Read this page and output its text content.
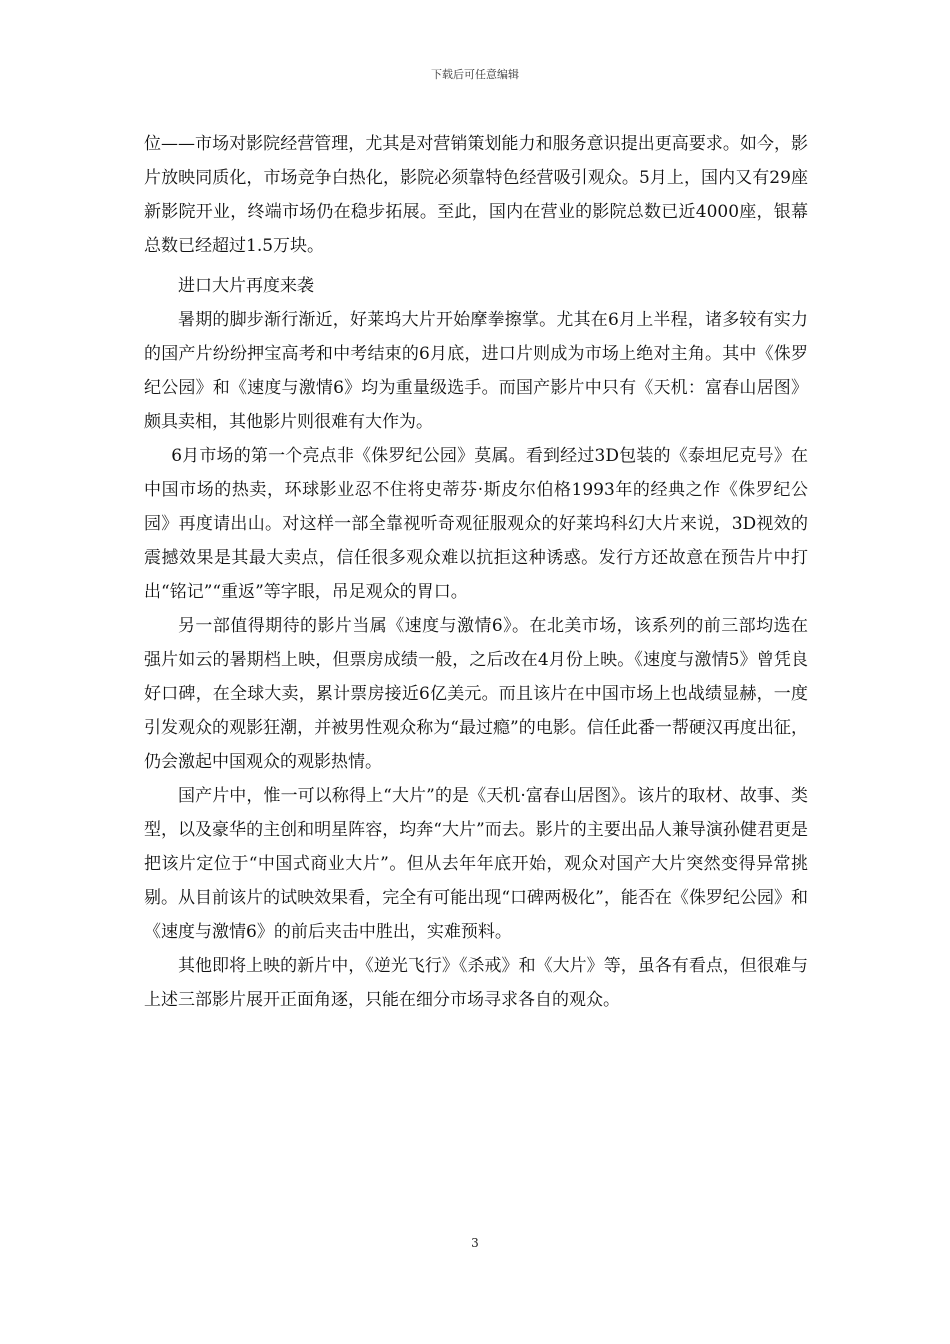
下载后可任意编辑

位——市场对影院经营管理，尤其是对营销策划能力和服务意识提出更高要求。如今，影片放映同质化，市场竞争白热化，影院必须靠特色经营吸引观众。5月上，国内又有29座新影院开业，终端市场仍在稳步拓展。至此，国内在营业的影院总数已近4000座，银幕总数已经超过1.5万块。

进口大片再度来袭

暑期的脚步渐行渐近，好莱坞大片开始摩拳擦掌。尤其在6月上半程，诸多较有实力的国产片纷纷押宝高考和中考结束的6月底，进口片则成为市场上绝对主角。其中《侏罗纪公园》和《速度与激情6》均为重量级选手。而国产影片中只有《天机：富春山居图》颇具卖相，其他影片则很难有大作为。

6月市场的第一个亮点非《侏罗纪公园》莫属。看到经过3D包装的《泰坦尼克号》在中国市场的热卖，环球影业忍不住将史蒂芬·斯皮尔伯格1993年的经典之作《侏罗纪公园》再度请出山。对这样一部全靠视听奇观征服观众的好莱坞科幻大片来说，3D视效的震撼效果是其最大卖点，信任很多观众难以抗拒这种诱惑。发行方还故意在预告片中打出“铭记”“重返”等字眼，吊足观众的胃口。

另一部值得期待的影片当属《速度与激情6》。在北美市场，该系列的前三部均选在强片如云的暑期档上映，但票房成绩一般，之后改在4月份上映。《速度与激情5》曾凭良好口碑，在全球大卖，累计票房接近6亿美元。而且该片在中国市场上也战绩显赫，一度引发观众的观影狂潮，并被男性观众称为“最过瘾”的电影。信任此番一帮硬汉再度出征，仍会激起中国观众的观影热情。

国产片中，惟一可以称得上“大片”的是《天机·富春山居图》。该片的取材、故事、类型，以及豪华的主创和明星阵容，均奔“大片”而去。影片的主要出品人兼导演孙健君更是把该片定位于“中国式商业大片”。但从去年年底开始，观众对国产大片突然变得异常挑剔。从目前该片的试映效果看，完全有可能出现“口碑两极化”，能否在《侏罗纪公园》和《速度与激情6》的前后夹击中胜出，实难预料。

其他即将上映的新片中，《逆光飞行》《杀戒》和《大片》等，虽各有看点，但很难与上述三部影片展开正面角逐，只能在细分市场寻求各自的观众。

3
